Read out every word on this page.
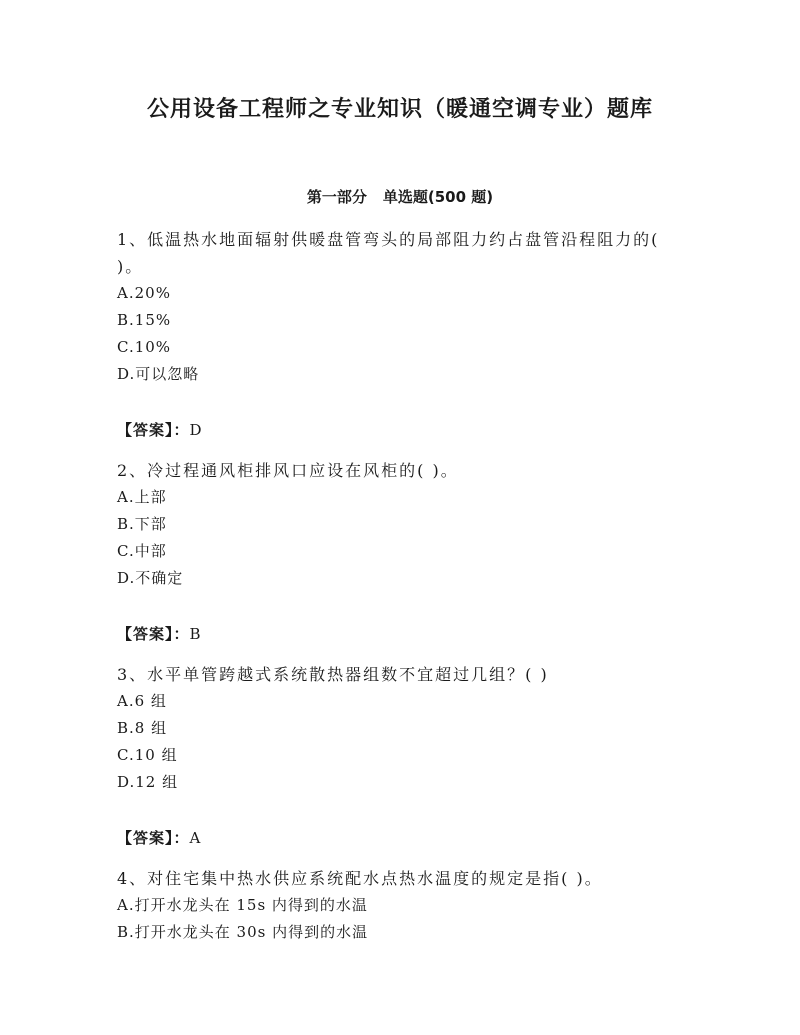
公用设备工程师之专业知识（暖通空调专业）题库
第一部分 单选题(500 题)

1、低温热水地面辐射供暖盘管弯头的局部阻力约占盘管沿程阻力的(

)。

A.20%

B.15%

C.10%

D.可以忽略

【答案】：D

2、冷过程通风柜排风口应设在风柜的( )。

A.上部

B.下部

C.中部

D.不确定

【答案】：B

3、水平单管跨越式系统散热器组数不宜超过几组？( )

A.6 组

B.8 组

C.10 组

D.12 组

【答案】：A

4、对住宅集中热水供应系统配水点热水温度的规定是指( )。

A.打开水龙头在 15s 内得到的水温

B.打开水龙头在 30s 内得到的水温
